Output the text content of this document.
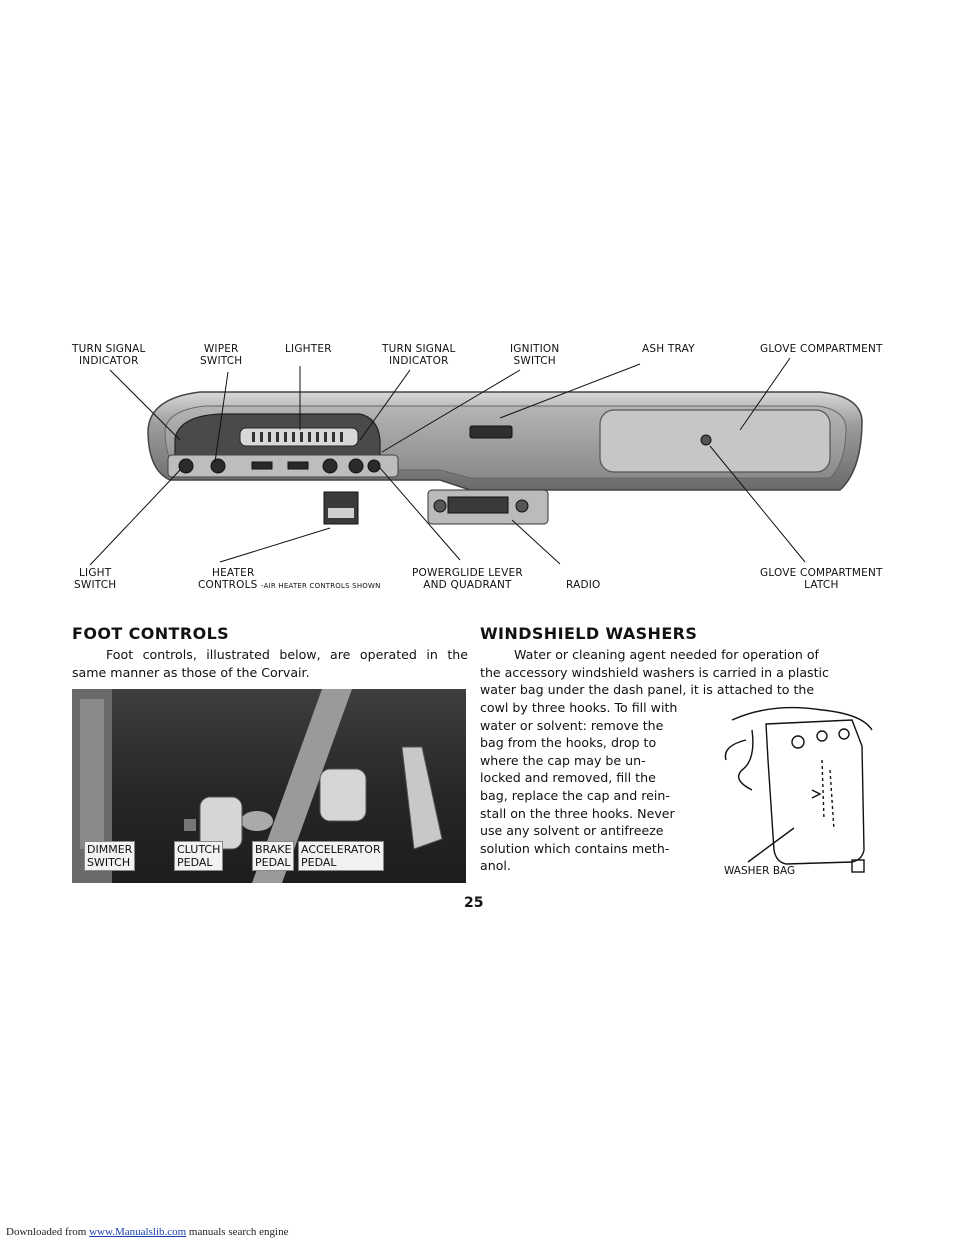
TURN SIGNAL
INDICATOR
WIPER
SWITCH
LIGHTER	TURN SIGNAL
INDICATOR
IGNITION
SWITCH
ASH TRAY	GLOVE COMPARTMENT
LIGHT
SWITCH
HEATER
CONTROLS -AIR HEATER CONTROLS SHOWN
POWERGLIDE LEVER
AND QUADRANT	RADIO
GLOVE COMPARTMENT
LATCH
FOOT CONTROLS
Foot controls, illustrated below, are operated in the same manner as those of the Corvair.
DIMMER
SWITCH
CLUTCH
PEDAL
BRAKE
PEDAL
ACCELERATOR
PEDAL
WINDSHIELD WASHERS
Water or cleaning agent needed for operation of
the accessory windshield washers is carried in a plastic
water bag under the dash panel, it is attached to the
cowl by three hooks. To fill with
water or solvent: remove the
bag from the hooks, drop to
where the cap may be un-
locked and removed, fill the
bag, replace the cap and rein-
stall on the three hooks. Never
use any solvent or antifreeze
solution which contains meth-
anol.	WASHER BAG
25
Downloaded from www.Manualslib.com manuals search engine
